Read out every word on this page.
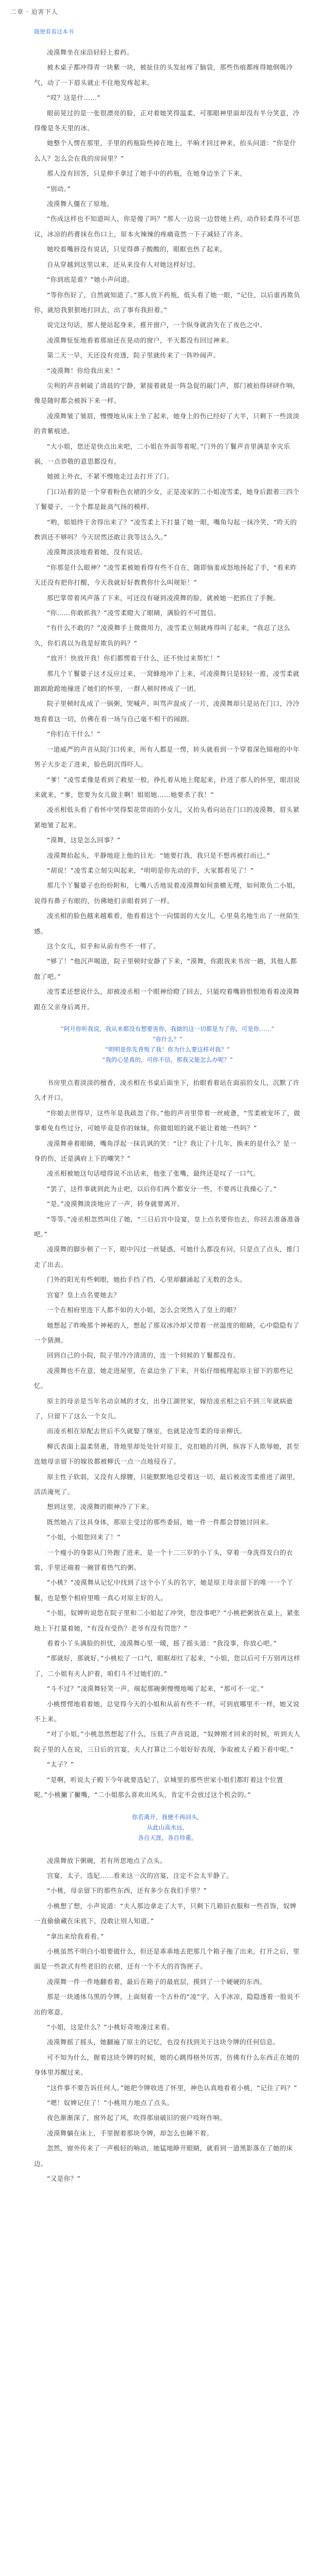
二章 · 迫害下人
随便看看这本书

凌漠舞坐在床沿轻轻上着药。

被木桌子都冲得青一块紫一块，被扯住的头发扯疼了脑袋，那些伤痕都疼得她倒吸冷气，动了一下眉头就止不住地发疼起来。

“哎？这是什……”

眼前晃过的是一张很漂亮的脸，正对着她笑得温柔，可那眼神里面却没有半分笑意，冷得像是冬天里的冰。

她整个人愣在那里，手里的药瓶险些掉在地上，半晌才回过神来，抬头问道：“你是什么人？怎么会在我的房间里？”

那人没有回答，只是伸手拿过了她手中的药瓶，在她身边坐了下来。

“别动。”

凌漠舞人僵在了原地。

“伤成这样也不知道叫人，你是傻了吗？”那人一边说一边替她上药，动作轻柔得不可思议，冰凉的药膏抹在伤口上，原本火辣辣的疼痛竟然一下子减轻了许多。

她咬着嘴唇没有说话，只觉得鼻子酸酸的，眼眶也热了起来。

自从穿越到这里以来，还从来没有人对她这样好过。

“你到底是谁？”她小声问道。

“等你伤好了，自然就知道了。”那人放下药瓶，低头看了她一眼，“记住，以后谁再欺负你，就给我狠狠地打回去，出了事有我担着。”

说完这句话，那人便站起身来，推开窗户，一个纵身就消失在了夜色之中。

凌漠舞怔怔地看着那扇还在晃动的窗户，半天都没有回过神来。

第二天一早，天还没有亮透，院子里就传来了一阵吵闹声。

“凌漠舞！你给我出来！”

尖利的声音刺破了清晨的宁静，紧接着就是一阵急促的敲门声，那门被拍得砰砰作响，像是随时都会被拆下来一样。

凌漠舞皱了皱眉，慢慢地从床上坐了起来，她身上的伤已经好了大半，只剩下一些淡淡的青紫痕迹。

“大小姐，您还是快点出来吧，二小姐在外面等着呢。”门外的丫鬟声音里满是幸灾乐祸，一点恭敬的意思都没有。

她披上外衣，不紧不慢地走过去打开了门。

门口站着的是一个穿着粉色衣裙的少女，正是凌家的二小姐凌雪柔，她身后跟着三四个丫鬟婆子，一个个都是趾高气扬的模样。

“哟，姐姐终于舍得出来了？”凌雪柔上下打量了她一眼，嘴角勾起一抹冷笑，“昨天的教训还不够吗？今天居然还敢让我等这么久。”

凌漠舞淡淡地看着她，没有说话。

“你那是什么眼神？”凌雪柔被她看得有些不自在，随即恼羞成怒地扬起了手，“看来昨天还没有把你打醒，今天我就好好教教你什么叫规矩！”

那巴掌带着风声落了下来，可还没有碰到凌漠舞的脸，就被她一把抓住了手腕。

“你……你敢抓我？”凌雪柔瞪大了眼睛，满脸的不可置信。

“有什么不敢的？”凌漠舞手上微微用力，凌雪柔立刻就疼得叫了起来，“我忍了这么久，你们真以为我是好欺负的吗？”

“放开！快放开我！你们都愣着干什么，还不快过来帮忙！”

那几个丫鬟婆子这才反应过来，一窝蜂地冲了上来，可凌漠舞只是轻轻一推，凌雪柔就踉踉跄跄地撞进了她们的怀里，一群人顿时摔成了一团。

院子里顿时乱成了一锅粥，哭喊声、叫骂声混成了一片，凌漠舞却只是站在门口，冷冷地看着这一切，仿佛在看一场与自己毫不相干的闹剧。

“你们在干什么！”

一道威严的声音从院门口传来，所有人都是一愣，转头就看到一个穿着深色锦袍的中年男子大步走了进来，脸色阴沉得吓人。

“爹！”凌雪柔像是看到了救星一般，挣扎着从地上爬起来，扑进了那人的怀里，眼泪说来就来，“爹，您要为女儿做主啊！姐姐她……她要杀了我！”

凌丞相低头看了看怀中哭得梨花带雨的小女儿，又抬头看向站在门口的凌漠舞，眉头紧紧地皱了起来。

“漠舞，这是怎么回事？”

凌漠舞抬起头，平静地迎上他的目光：“她要打我，我只是不想再被打而已。”

“胡说！”凌雪柔立刻尖叫起来，“明明是你先动的手，大家都看见了！”

那几个丫鬟婆子也纷纷附和，七嘴八舌地说着凌漠舞如何蛮横无理，如何欺负二小姐，说得有鼻子有眼的，仿佛她们亲眼看到了一样。

凌丞相的脸色越来越难看，他看着这个一向懦弱的大女儿，心里莫名地生出了一丝陌生感。

这个女儿，似乎和从前有些不一样了。

“够了！”他沉声喝道，院子里顿时安静了下来，“漠舞，你跟我来书房一趟，其他人都散了吧。”

凌雪柔还想说什么，却被凌丞相一个眼神给瞪了回去，只能咬着嘴唇恨恨地看着凌漠舞跟在父亲身后离开。

“阿月你听我说，我从来都没有想要害你，我做的这一切都是为了你，可是你……”
“你什么？”
“明明是你先背叛了我！你为什么要这样对我？”
“我的心是真的，可你不信，那我又能怎么办呢？”

书房里点着淡淡的檀香，凌丞相在书桌后面坐下，抬眼看着站在面前的女儿，沉默了许久才开口。

“你娘去世得早，这些年是我疏忽了你。”他的声音里带着一丝疲惫，“雪柔被宠坏了，做事难免有些过分，可她毕竟是你的妹妹，你做姐姐的就不能让着她一些吗？”

凌漠舞垂着眼睛，嘴角浮起一抹讥讽的笑：“让？我让了十几年，换来的是什么？是一身的伤，还是满府上下的嘲笑？”

凌丞相被她这句话噎得说不出话来，他张了张嘴，最终还是叹了一口气。

“罢了，这件事就到此为止吧，以后你们两个都安分一些，不要再让我操心了。”

“是。”凌漠舞淡淡地应了一声，转身就要离开。

“等等。”凌丞相忽然叫住了她，“三日后宫中设宴，皇上点名要你也去，你回去准备准备吧。”

凌漠舞的脚步顿了一下，眼中闪过一丝疑惑，可她什么都没有问，只是点了点头，推门走了出去。

门外的阳光有些刺眼，她抬手挡了挡，心里却翻涌起了无数的念头。

宫宴？皇上点名要她去？

一个在相府里连下人都不如的大小姐，怎么会突然入了皇上的眼？

她想起了昨晚那个神秘的人，想起了那双冰冷却又带着一丝温度的眼睛，心中隐隐有了一个猜测。

回到自己的小院，院子里冷冷清清的，连一个伺候的丫鬟都没有。

凌漠舞也不在意，她走进屋里，在桌边坐了下来，开始仔细梳理起原主留下的那些记忆。

原主的母亲是当年名动京城的才女，出身江湖世家，嫁给凌丞相之后不到三年就病逝了，只留下了这么一个女儿。

而凌丞相在原配去世后不久就娶了继室，也就是凌雪柔的母亲柳氏。

柳氏表面上温柔贤惠，背地里却处处针对原主，克扣她的月例，纵容下人欺辱她，甚至连她母亲留下的嫁妆都被柳氏一点一点地侵吞了。

原主性子软弱，又没有人撑腰，只能默默地忍受着这一切，最后被凌雪柔推进了湖里，活活淹死了。

想到这里，凌漠舞的眼神冷了下来。

既然她占了这具身体，那原主受过的那些委屈，她一件一件都会替她讨回来。

“小姐，小姐您回来了！”

一个瘦小的身影从门外跑了进来，是一个十二三岁的小丫头，穿着一身洗得发白的衣裳，手里还端着一碗冒着热气的粥。

“小桃？”凌漠舞从记忆中找到了这个小丫头的名字，她是原主母亲留下的唯一一个丫鬟，也是整个相府里唯一真心对原主好的人。

“小姐，奴婢听说您在院子里和二小姐起了冲突，您没事吧？”小桃把粥放在桌上，紧张地上下打量着她，“有没有受伤？老爷有没有罚您？”

看着小丫头满脸的担忧，凌漠舞心里一暖，摇了摇头道：“我没事，你放心吧。”

“那就好，那就好。”小桃松了一口气，眼眶却红了起来，“小姐，您以后可千万别再这样了，二小姐有夫人护着，咱们斗不过她们的。”

“斗不过？”凌漠舞轻笑一声，端起那碗粥慢慢地喝了起来，“那可不一定。”

小桃愣愣地看着她，总觉得今天的小姐和从前有些不一样，可到底哪里不一样，她又说不上来。

“对了小姐，”小桃忽然想起了什么，压低了声音说道，“奴婢刚才回来的时候，听到夫人院子里的人在说，三日后的宫宴，夫人打算让二小姐好好表现，争取被太子殿下看中呢。”

“太子？”

“是啊，听说太子殿下今年就要选妃了，京城里的那些世家小姐们都盯着这个位置呢。”小桃撇了撇嘴，“二小姐那么喜欢出风头，肯定不会放过这个机会的。”

你若离开，我便不再回头，
从此山高水远，
各自天涯，各自珍重。

凌漠舞放下粥碗，若有所思地点了点头。

宫宴、太子、选妃……看来这一次的宫宴，注定不会太平静了。

“小桃，母亲留下的那些东西，还有多少在我们手里？”

小桃想了想，小声说道：“夫人那边拿走了大半，只剩下几箱旧衣服和一些首饰，奴婢一直偷偷藏在床底下，没敢让别人知道。”

“拿出来给我看看。”

小桃虽然不明白小姐要做什么，但还是乖乖地去把那几个箱子拖了出来，打开之后，里面是一些款式有些老旧的衣裙，还有一个不大的首饰匣子。

凌漠舞一件一件地翻看着，最后在箱子的最底层，摸到了一个硬硬的东西。

那是一块通体乌黑的令牌，上面刻着一个古朴的“凌”字，入手冰凉，隐隐透着一股说不出的寒意。

“小姐，这是什么？”小桃好奇地凑过来看。

凌漠舞摇了摇头，她翻遍了原主的记忆，也没有找到关于这块令牌的任何信息。

可不知为什么，握着这块令牌的时候，她的心跳得格外厉害，仿佛有什么东西正在她的身体里苏醒过来。

“这件事不要告诉任何人。”她把令牌收进了怀里，神色认真地看着小桃，“记住了吗？”

“嗯！奴婢记住了！”小桃用力地点了点头。

夜色渐渐深了，窗外起了风，吹得那扇破旧的窗户吱呀作响。

凌漠舞躺在床上，手里握着那块令牌，却怎么也睡不着。

忽然，窗外传来了一声极轻的响动，她猛地睁开眼睛，就看到一道黑影落在了她的床边。

“又是你？”
